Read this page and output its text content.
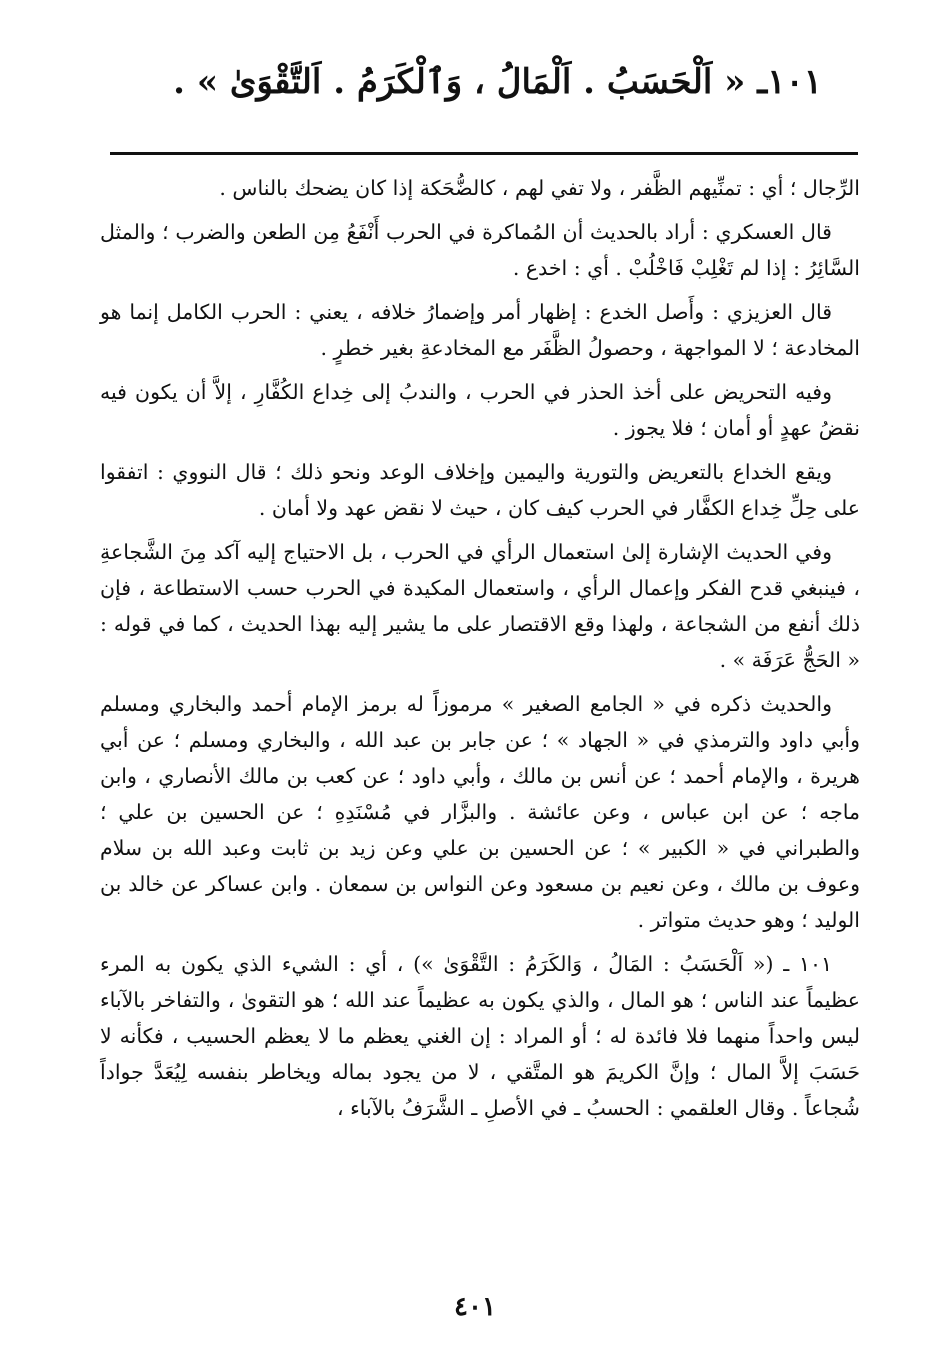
١٠١ـ « اَلْحَسَبُ . اَلْمَالُ ، وَٱلْكَرَمُ . اَلتَّقْوَىٰ » .

الرِّجال ؛ أي : تمنِّيهم الظَّفر ، ولا تفي لهم ، كالضُّحَكة إذا كان يضحك بالناس .

قال العسكري : أراد بالحديث أن المُماكرة في الحرب أَنْفَعُ مِن الطعن والضرب ؛ والمثل السَّائِرُ : إذا لم تَغْلِبْ فَاخْلُبْ . أي : اخدع .

قال العزيزي : وأَصل الخدع : إظهار أمر وإضمارُ خلافه ، يعني : الحرب الكامل إنما هو المخادعة ؛ لا المواجهة ، وحصولُ الظَّفَر مع المخادعةِ بغير خطرٍ .

وفيه التحريض على أخذ الحذر في الحرب ، والندبُ إلى خِداع الكُفَّارِ ، إلاَّ أن يكون فيه نقضُ عهدٍ أو أمان ؛ فلا يجوز .

ويقع الخداع بالتعريض والتورية واليمين وإخلاف الوعد ونحو ذلك ؛ قال النووي : اتفقوا على حِلِّ خِداع الكفَّار في الحرب كيف كان ، حيث لا نقض عهد ولا أمان .

وفي الحديث الإشارة إلىٰ استعمال الرأي في الحرب ، بل الاحتياج إليه آكد مِنَ الشَّجاعةِ ، فينبغي قدح الفكر وإعمال الرأي ، واستعمال المكيدة في الحرب حسب الاستطاعة ، فإن ذلك أنفع من الشجاعة ، ولهذا وقع الاقتصار على ما يشير إليه بهذا الحديث ، كما في قوله : « الحَجُّ عَرَفَة » .

والحديث ذكره في « الجامع الصغير » مرموزاً له برمز الإمام أحمد والبخاري ومسلم وأبي داود والترمذي في « الجهاد » ؛ عن جابر بن عبد الله ، والبخاري ومسلم ؛ عن أبي هريرة ، والإمام أحمد ؛ عن أنس بن مالك ، وأبي داود ؛ عن كعب بن مالك الأنصاري ، وابن ماجه ؛ عن ابن عباس ، وعن عائشة . والبزَّار في مُسْنَدِهِ ؛ عن الحسين بن علي ؛ والطبراني في « الكبير » ؛ عن الحسين بن علي وعن زيد بن ثابت وعبد الله بن سلام وعوف بن مالك ، وعن نعيم بن مسعود وعن النواس بن سمعان . وابن عساكر عن خالد بن الوليد ؛ وهو حديث متواتر .

١٠١ ـ (« اَلْحَسَبُ : المَالُ ، وَالكَرَمُ : التَّقْوَىٰ ») ، أي : الشيء الذي يكون به المرء عظيماً عند الناس ؛ هو المال ، والذي يكون به عظيماً عند الله ؛ هو التقوىٰ ، والتفاخر بالآباء ليس واحداً منهما فلا فائدة له ؛ أو المراد : إن الغني يعظم ما لا يعظم الحسيب ، فكأنه لا حَسَبَ إلاَّ المال ؛ وإنَّ الكريمَ هو المتَّقي ، لا من يجود بماله ويخاطر بنفسه لِيُعَدَّ جواداً شُجاعاً . وقال العلقمي : الحسبُ ـ في الأصلِ ـ الشَّرَفُ بالآباء ،

٤٠١
